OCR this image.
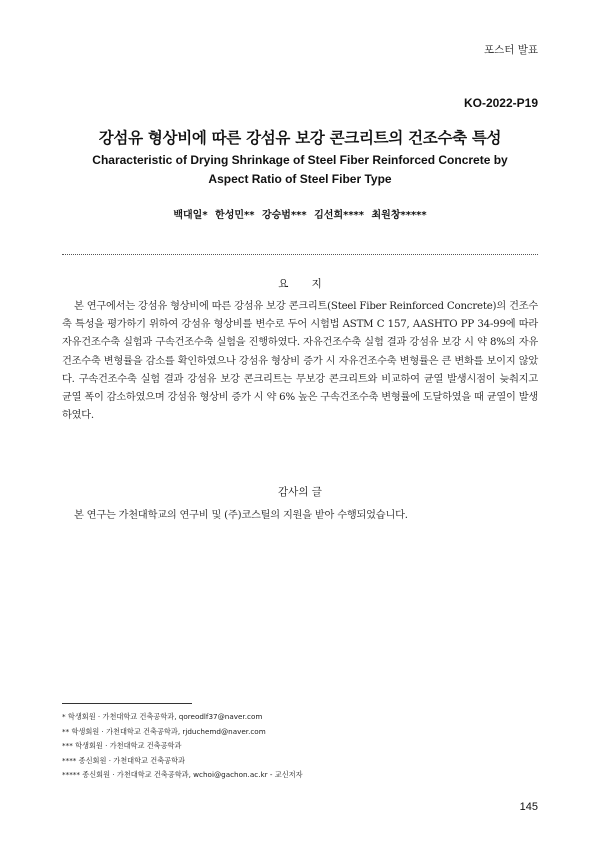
포스터 발표
KO-2022-P19
강섬유 형상비에 따른 강섬유 보강 콘크리트의 건조수축 특성
Characteristic of Drying Shrinkage of Steel Fiber Reinforced Concrete by Aspect Ratio of Steel Fiber Type
백대일* 한성민** 강승범*** 김선희**** 최원창*****
요 지
본 연구에서는 강섬유 형상비에 따른 강섬유 보강 콘크리트(Steel Fiber Reinforced Concrete)의 건조수축 특성을 평가하기 위하여 강섬유 형상비를 변수로 두어 시험법 ASTM C 157, AASHTO PP 34-99에 따라 자유건조수축 실험과 구속건조수축 실험을 진행하였다. 자유건조수축 실험 결과 강섬유 보강 시 약 8%의 자유건조수축 변형률을 감소를 확인하였으나 강섬유 형상비 증가 시 자유건조수축 변형률은 큰 변화를 보이지 않았다. 구속건조수축 실험 결과 강섬유 보강 콘크리트는 무보강 콘크리트와 비교하여 균열 발생시점이 늦춰지고 균열 폭이 감소하였으며 강섬유 형상비 증가 시 약 6% 높은 구속건조수축 변형률에 도달하였을 때 균열이 발생하였다.
감사의 글
본 연구는 가천대학교의 연구비 및 (주)코스틸의 지원을 받아 수행되었습니다.
* 학생회원 · 가천대학교 건축공학과, qoreodlf37@naver.com
** 학생회원 · 가천대학교 건축공학과, rjduchemd@naver.com
*** 학생회원 · 가천대학교 건축공학과
**** 종신회원 · 가천대학교 건축공학과
***** 종신회원 · 가천대학교 건축공학과, wchoi@gachon.ac.kr - 교신저자
145
